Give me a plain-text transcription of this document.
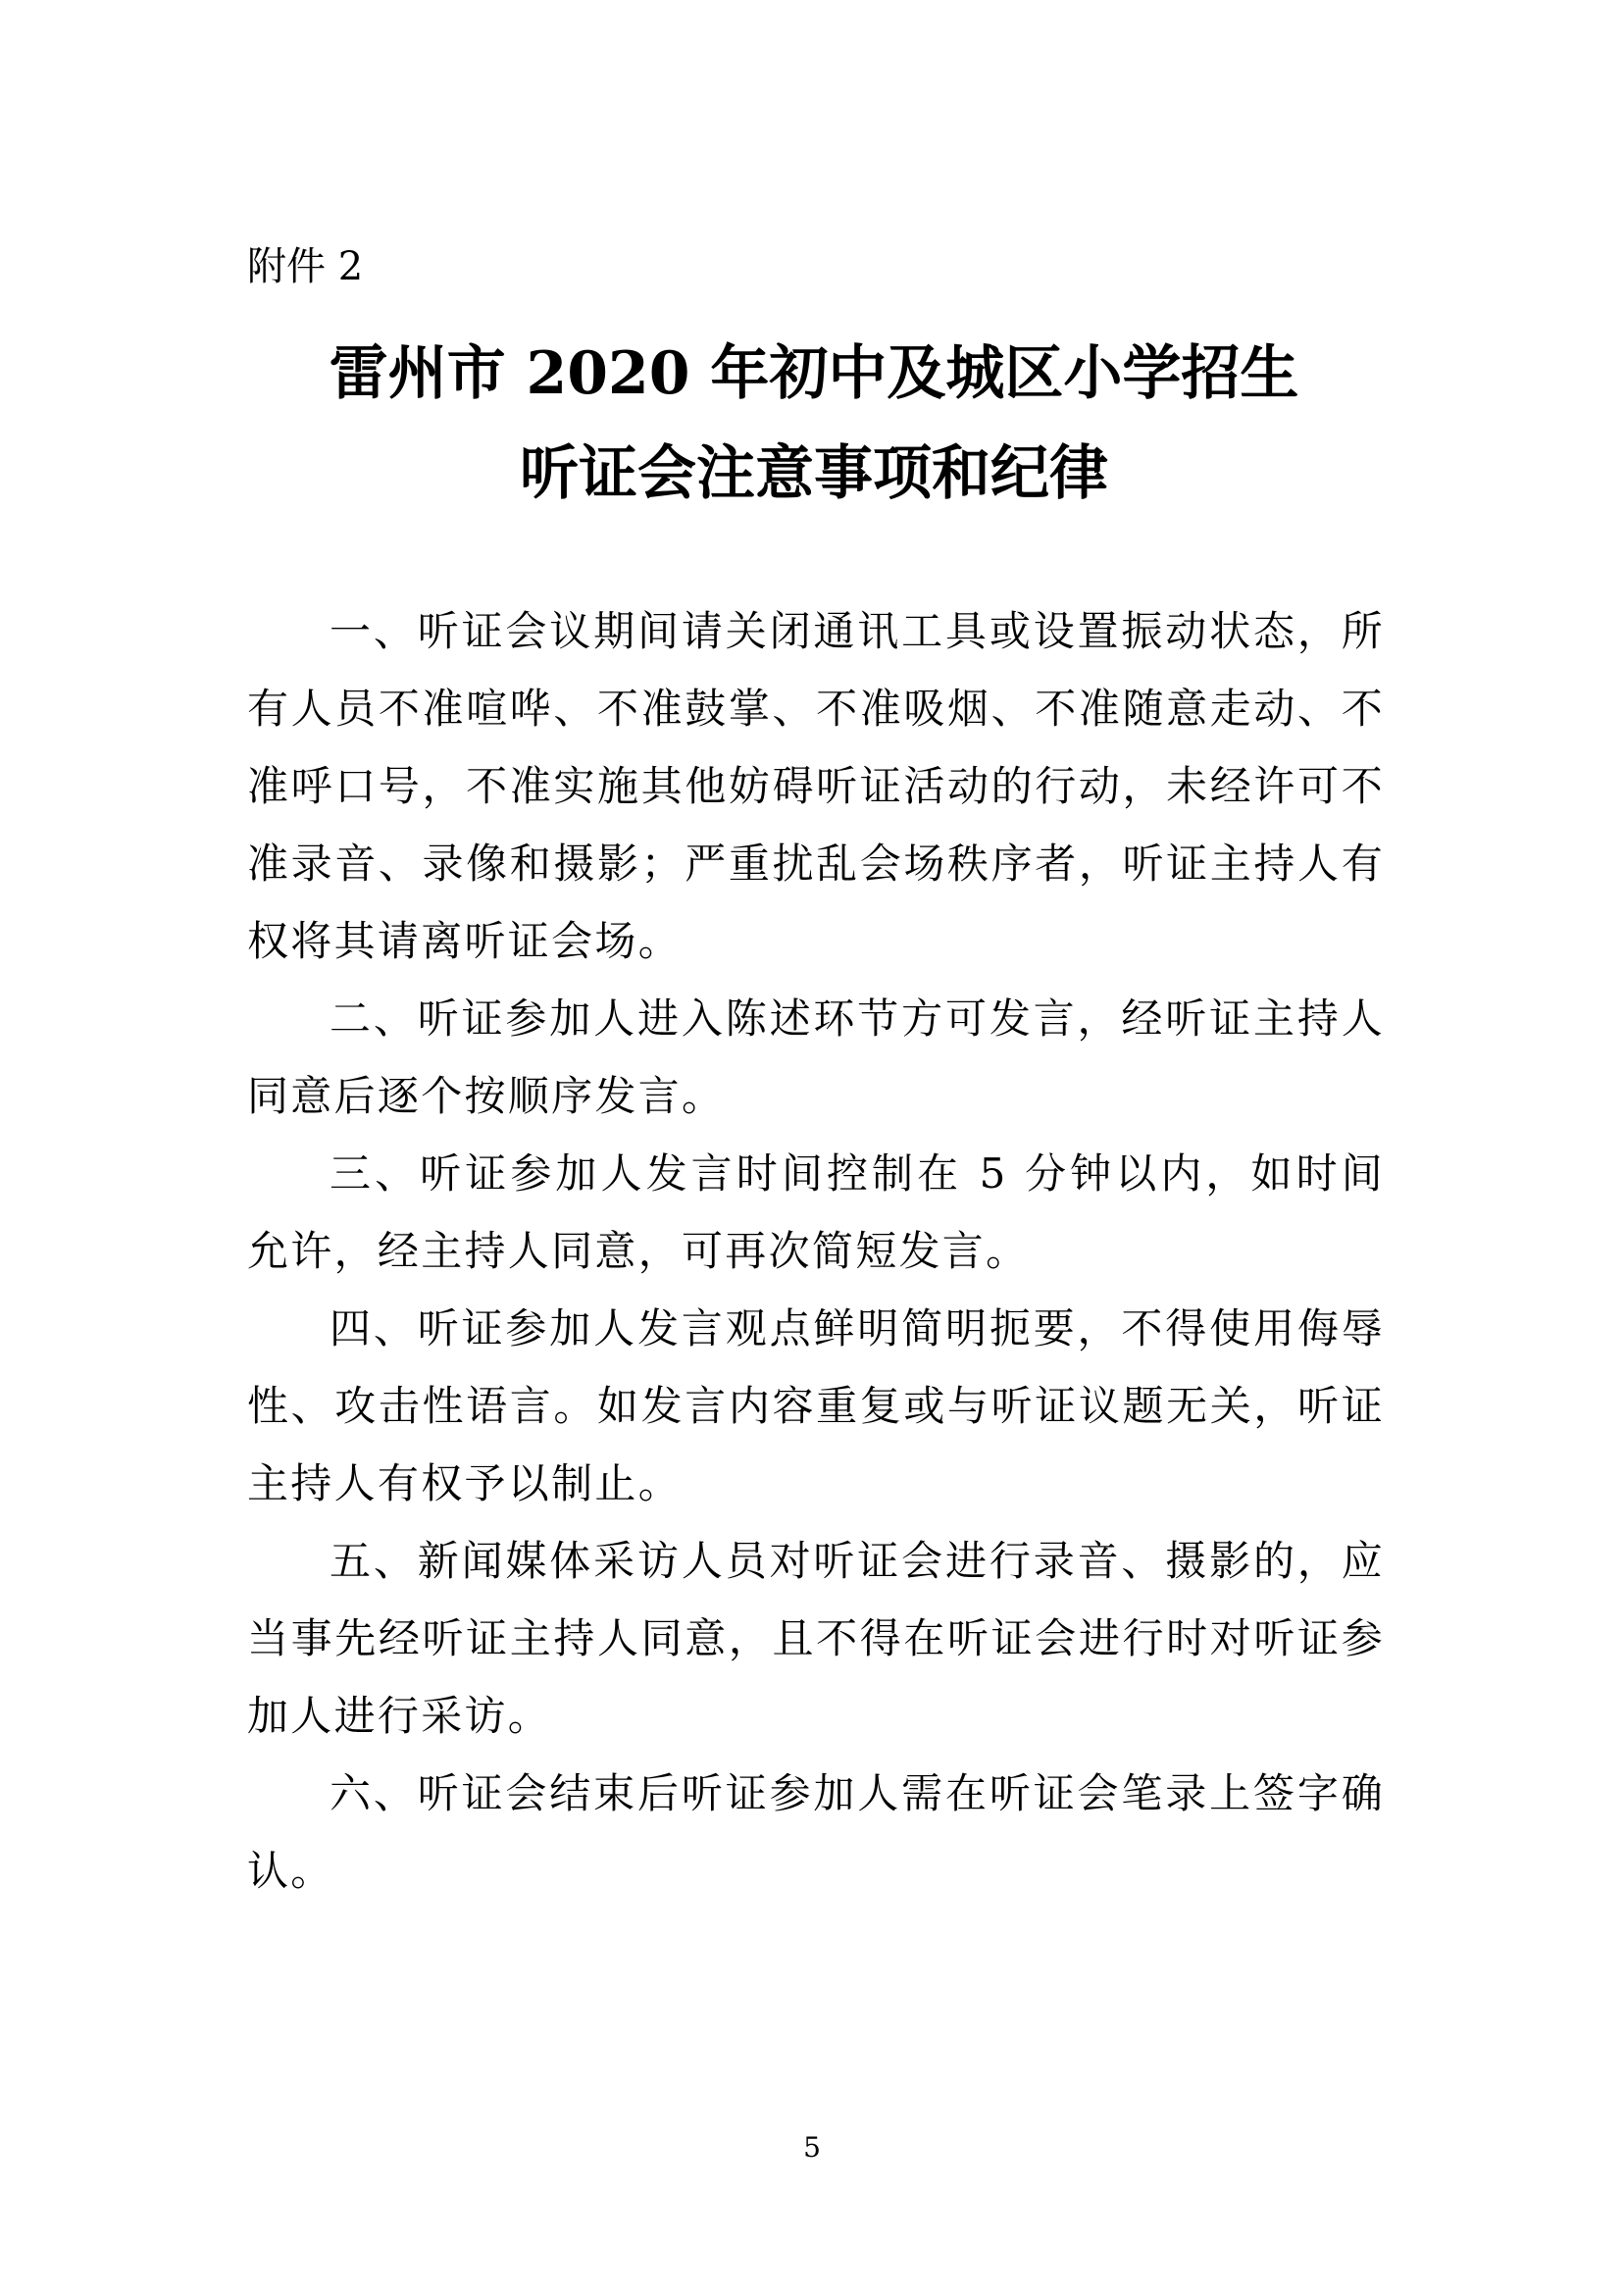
附件 2

雷州市 2020 年初中及城区小学招生
听证会注意事项和纪律

一、听证会议期间请关闭通讯工具或设置振动状态，所有人员不准喧哗、不准鼓掌、不准吸烟、不准随意走动、不准呼口号，不准实施其他妨碍听证活动的行动，未经许可不准录音、录像和摄影；严重扰乱会场秩序者，听证主持人有权将其请离听证会场。

二、听证参加人进入陈述环节方可发言，经听证主持人同意后逐个按顺序发言。

三、听证参加人发言时间控制在 5 分钟以内，如时间允许，经主持人同意，可再次简短发言。

四、听证参加人发言观点鲜明简明扼要，不得使用侮辱性、攻击性语言。如发言内容重复或与听证议题无关，听证主持人有权予以制止。

五、新闻媒体采访人员对听证会进行录音、摄影的，应当事先经听证主持人同意，且不得在听证会进行时对听证参加人进行采访。

六、听证会结束后听证参加人需在听证会笔录上签字确认。

5
